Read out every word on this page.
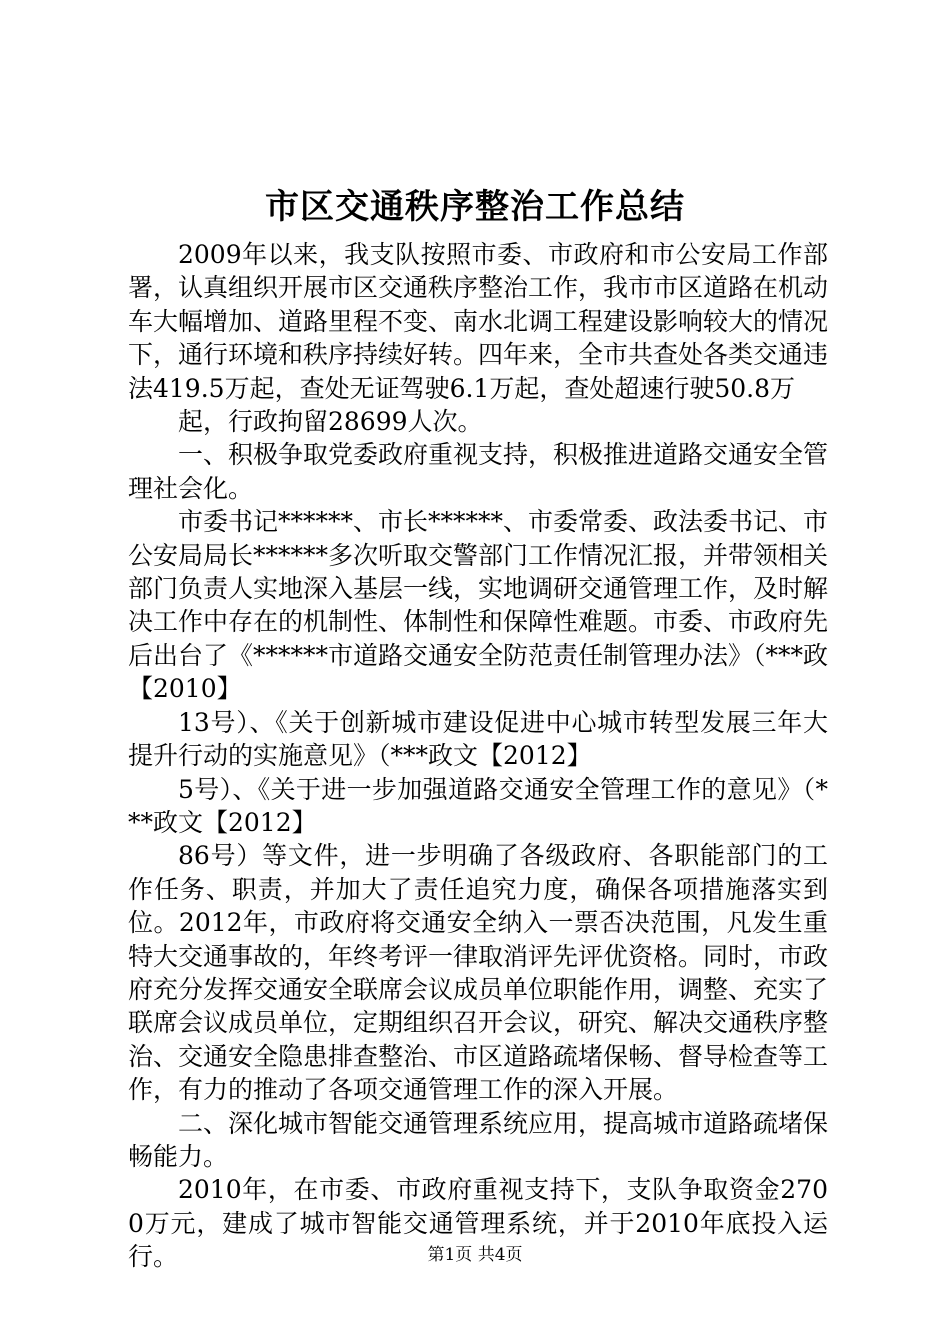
市区交通秩序整治工作总结

2009年以来，我支队按照市委、市政府和市公安局工作部署，认真组织开展市区交通秩序整治工作，我市市区道路在机动车大幅增加、道路里程不变、南水北调工程建设影响较大的情况下，通行环境和秩序持续好转。四年来，全市共查处各类交通违法419.5万起，查处无证驾驶6.1万起，查处超速行驶50.8万

起，行政拘留28699人次。

一、积极争取党委政府重视支持，积极推进道路交通安全管理社会化。

市委书记******、市长******、市委常委、政法委书记、市公安局局长******多次听取交警部门工作情况汇报，并带领相关部门负责人实地深入基层一线，实地调研交通管理工作，及时解决工作中存在的机制性、体制性和保障性难题。市委、市政府先后出台了《******市道路交通安全防范责任制管理办法》（***政【2010】

13号）、《关于创新城市建设促进中心城市转型发展三年大提升行动的实施意见》（***政文【2012】

5号）、《关于进一步加强道路交通安全管理工作的意见》（***政文【2012】

86号）等文件，进一步明确了各级政府、各职能部门的工作任务、职责，并加大了责任追究力度，确保各项措施落实到位。2012年，市政府将交通安全纳入一票否决范围，凡发生重特大交通事故的，年终考评一律取消评先评优资格。同时，市政府充分发挥交通安全联席会议成员单位职能作用，调整、充实了联席会议成员单位，定期组织召开会议，研究、解决交通秩序整治、交通安全隐患排查整治、市区道路疏堵保畅、督导检查等工作，有力的推动了各项交通管理工作的深入开展。

二、深化城市智能交通管理系统应用，提高城市道路疏堵保畅能力。

2010年，在市委、市政府重视支持下，支队争取资金2700万元，建成了城市智能交通管理系统，并于2010年底投入运行。	第1页 共4页
